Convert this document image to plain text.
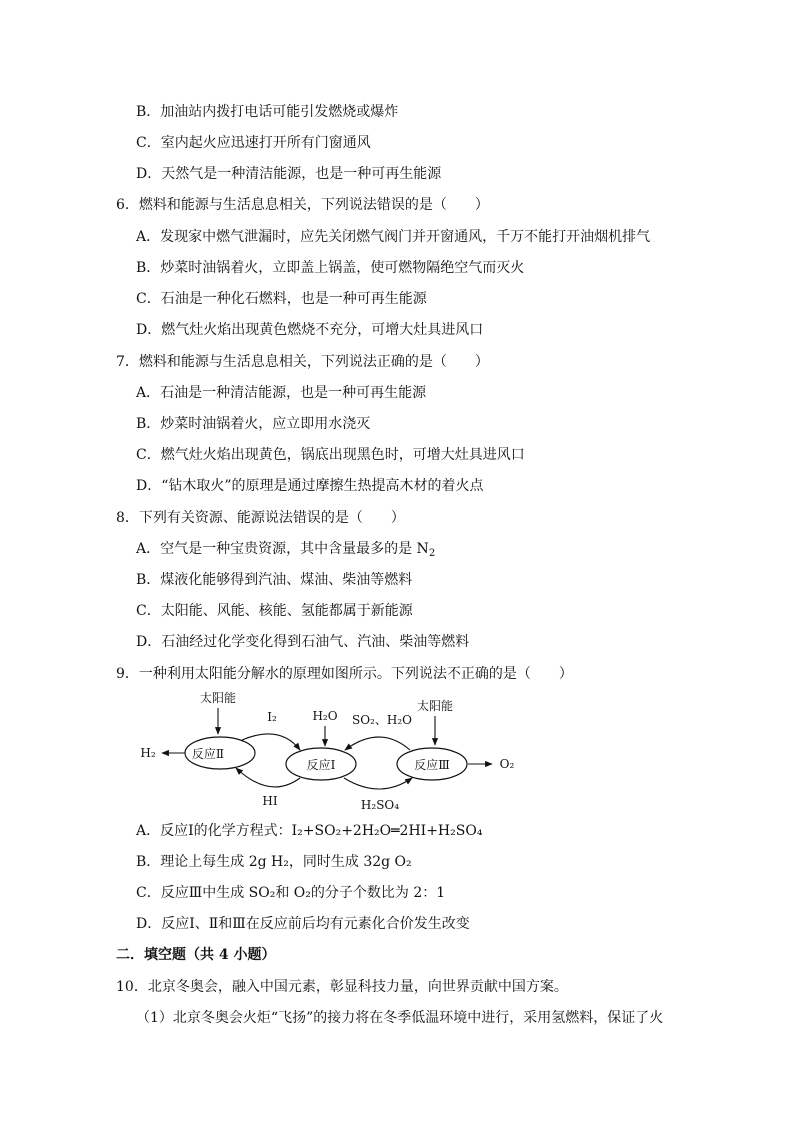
B．加油站内拨打电话可能引发燃烧或爆炸
C．室内起火应迅速打开所有门窗通风
D．天然气是一种清洁能源，也是一种可再生能源
6．燃料和能源与生活息息相关，下列说法错误的是（　　）
A．发现家中燃气泄漏时，应先关闭燃气阀门并开窗通风，千万不能打开油烟机排气
B．炒菜时油锅着火，立即盖上锅盖，使可燃物隔绝空气而灭火
C．石油是一种化石燃料，也是一种可再生能源
D．燃气灶火焰出现黄色燃烧不充分，可增大灶具进风口
7．燃料和能源与生活息息相关，下列说法正确的是（　　）
A．石油是一种清洁能源，也是一种可再生能源
B．炒菜时油锅着火，应立即用水浇灭
C．燃气灶火焰出现黄色，锅底出现黑色时，可增大灶具进风口
D．“钻木取火”的原理是通过摩擦生热提高木材的着火点
8．下列有关资源、能源说法错误的是（　　）
A．空气是一种宝贵资源，其中含量最多的是 $N_2$
B．煤液化能够得到汽油、煤油、柴油等燃料
C．太阳能、风能、核能、氢能都属于新能源
D．石油经过化学变化得到石油气、汽油、柴油等燃料
9．一种利用太阳能分解水的原理如图所示。下列说法不正确的是（　　）
反应Ⅱ
反应Ⅰ	反应Ⅲ
太阳能
太阳能
H₂O
H₂
O₂
I₂	SO₂、H₂O
HI	H₂SO₄
A．反应Ⅰ的化学方程式：I₂+SO₂+2H₂O═2HI+H₂SO₄
B．理论上每生成 2g H₂，同时生成 32g O₂
C．反应Ⅲ中生成 SO₂和 O₂的分子个数比为 2：1
D．反应Ⅰ、Ⅱ和Ⅲ在反应前后均有元素化合价发生改变
二．填空题（共 4 小题）
10．北京冬奥会，融入中国元素，彰显科技力量，向世界贡献中国方案。
（1）北京冬奥会火炬“飞扬”的接力将在冬季低温环境中进行，采用氢燃料，保证了火
